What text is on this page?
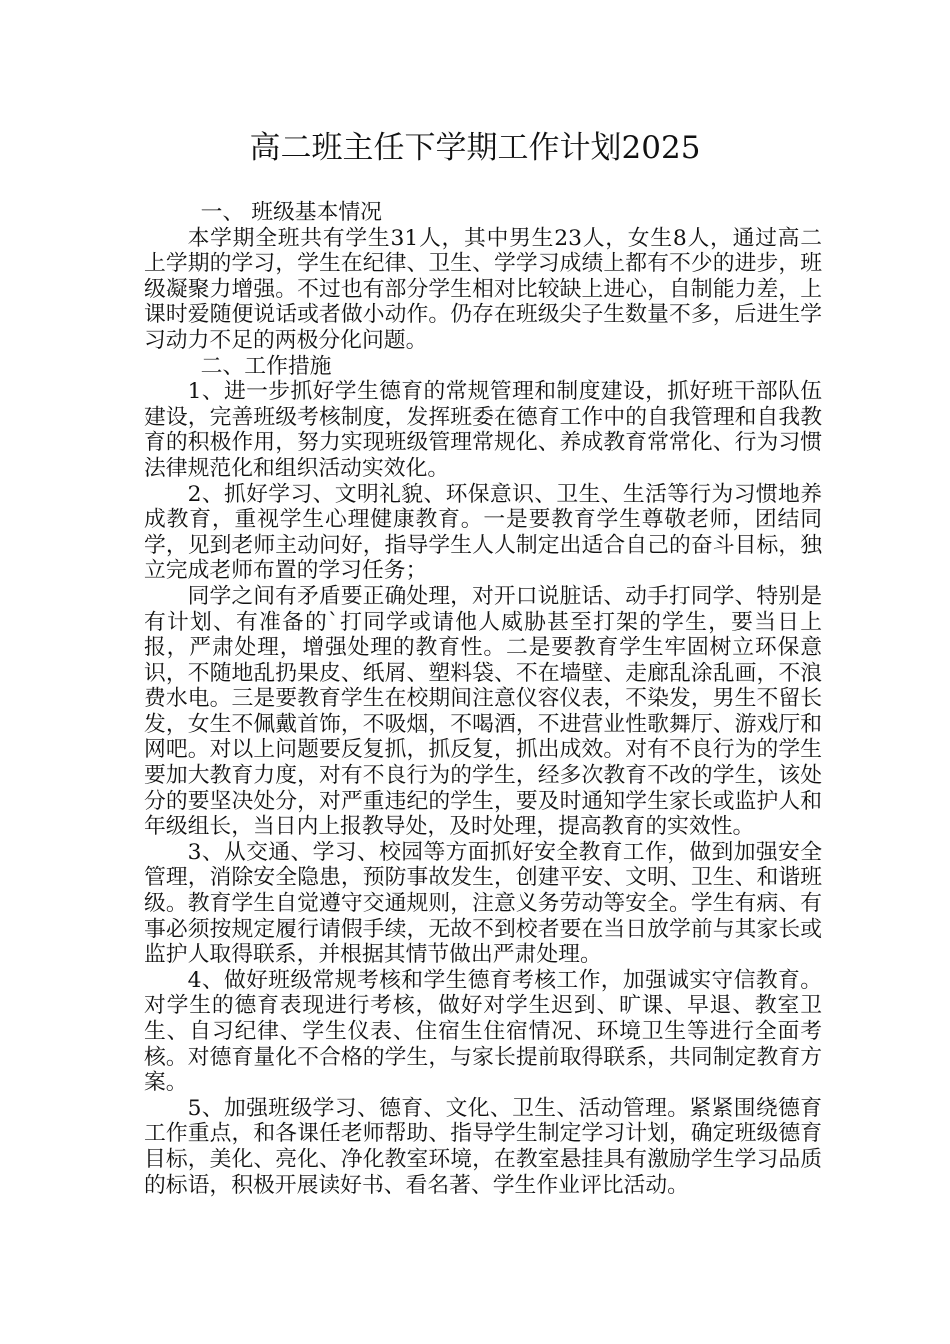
高二班主任下学期工作计划2025

一、 班级基本情况

本学期全班共有学生31人，其中男生23人，女生8人，通过高二上学期的学习，学生在纪律、卫生、学学习成绩上都有不少的进步，班级凝聚力增强。不过也有部分学生相对比较缺上进心，自制能力差，上课时爱随便说话或者做小动作。仍存在班级尖子生数量不多，后进生学习动力不足的两极分化问题。

二、工作措施

1、进一步抓好学生德育的常规管理和制度建设，抓好班干部队伍建设，完善班级考核制度，发挥班委在德育工作中的自我管理和自我教育的积极作用，努力实现班级管理常规化、养成教育常常化、行为习惯法律规范化和组织活动实效化。

2、抓好学习、文明礼貌、环保意识、卫生、生活等行为习惯地养成教育，重视学生心理健康教育。一是要教育学生尊敬老师，团结同学，见到老师主动问好，指导学生人人制定出适合自己的奋斗目标，独立完成老师布置的学习任务；

同学之间有矛盾要正确处理，对开口说脏话、动手打同学、特别是有计划、有准备的`打同学或请他人威胁甚至打架的学生，要当日上报，严肃处理，增强处理的教育性。二是要教育学生牢固树立环保意识，不随地乱扔果皮、纸屑、塑料袋、不在墙壁、走廊乱涂乱画，不浪费水电。三是要教育学生在校期间注意仪容仪表，不染发，男生不留长发，女生不佩戴首饰，不吸烟，不喝酒，不进营业性歌舞厅、游戏厅和网吧。对以上问题要反复抓，抓反复，抓出成效。对有不良行为的学生要加大教育力度，对有不良行为的学生，经多次教育不改的学生，该处分的要坚决处分，对严重违纪的学生，要及时通知学生家长或监护人和年级组长，当日内上报教导处，及时处理，提高教育的实效性。

3、从交通、学习、校园等方面抓好安全教育工作，做到加强安全管理，消除安全隐患，预防事故发生，创建平安、文明、卫生、和谐班级。教育学生自觉遵守交通规则，注意义务劳动等安全。学生有病、有事必须按规定履行请假手续，无故不到校者要在当日放学前与其家长或监护人取得联系，并根据其情节做出严肃处理。

4、做好班级常规考核和学生德育考核工作，加强诚实守信教育。对学生的德育表现进行考核，做好对学生迟到、旷课、早退、教室卫生、自习纪律、学生仪表、住宿生住宿情况、环境卫生等进行全面考核。对德育量化不合格的学生，与家长提前取得联系，共同制定教育方案。

5、加强班级学习、德育、文化、卫生、活动管理。紧紧围绕德育工作重点，和各课任老师帮助、指导学生制定学习计划，确定班级德育目标，美化、亮化、净化教室环境，在教室悬挂具有激励学生学习品质的标语，积极开展读好书、看名著、学生作业评比活动。
